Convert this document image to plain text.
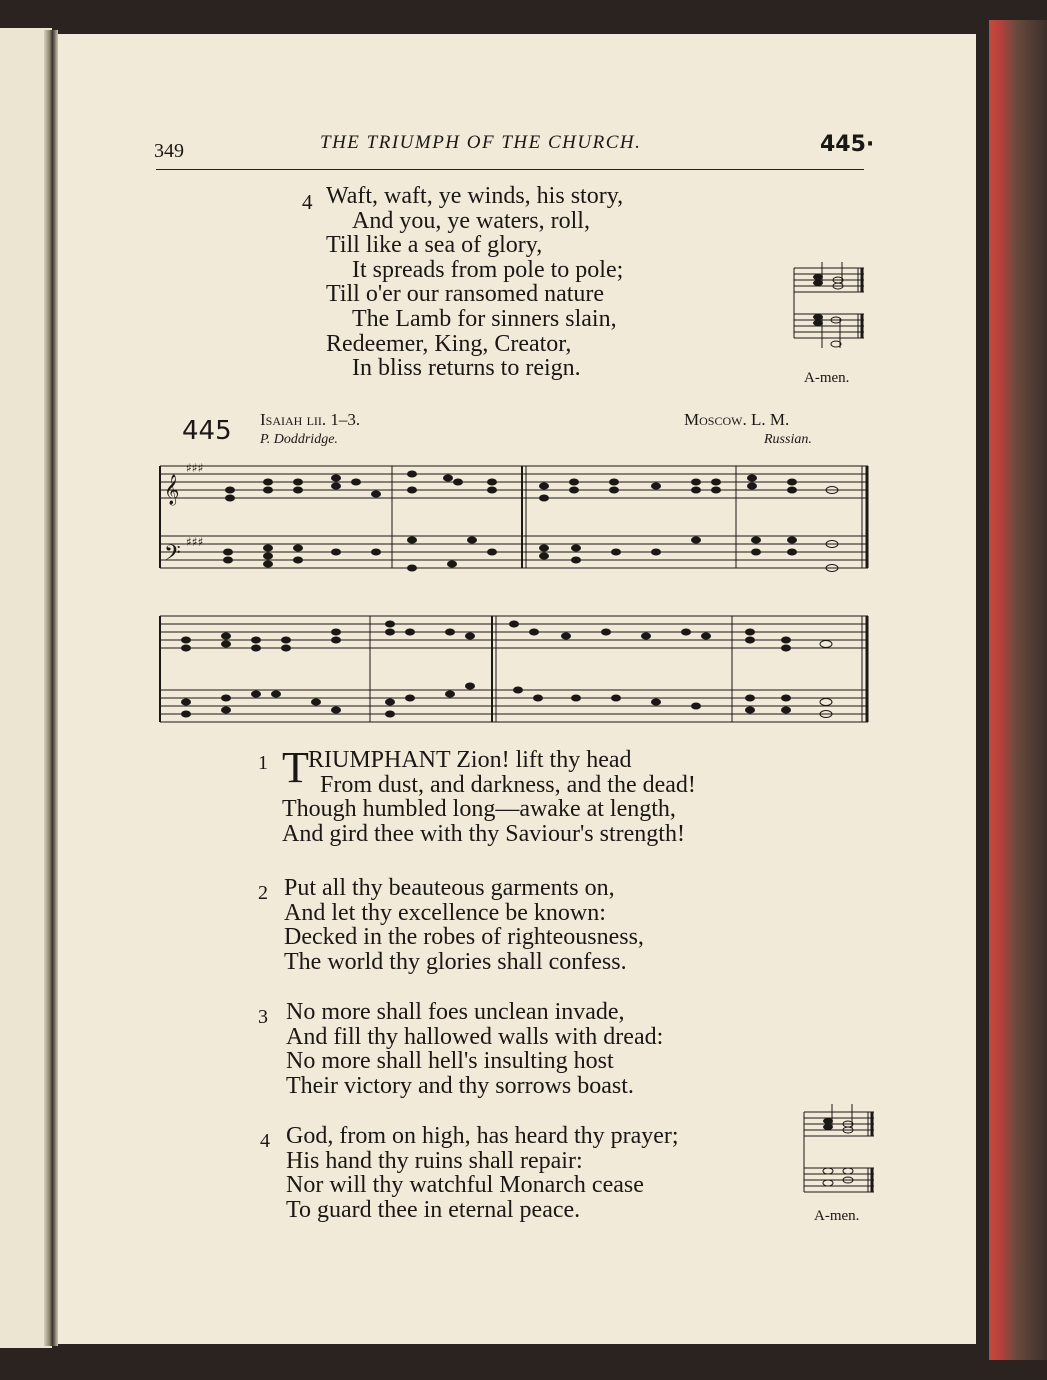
349	THE TRIUMPH OF THE CHURCH.	445·
4 Waft, waft, ye winds, his story,
And you, ye waters, roll,
Till like a sea of glory,
It spreads from pole to pole;
Till o'er our ransomed nature
The Lamb for sinners slain,
Redeemer, King, Creator,
In bliss returns to reign.	A-men.
445 Isaiah lii. 1–3.
P. Doddridge.
Moscow. L. M.
Russian.
𝄞
𝄢
♯♯♯
♯♯♯
1 T RIUMPHANT Zion! lift thy head
From dust, and darkness, and the dead!
Though humbled long—awake at length,
And gird thee with thy Saviour's strength!
2 Put all thy beauteous garments on,
And let thy excellence be known:
Decked in the robes of righteousness,
The world thy glories shall confess.
3 No more shall foes unclean invade,
And fill thy hallowed walls with dread:
No more shall hell's insulting host
Their victory and thy sorrows boast.
4 God, from on high, has heard thy prayer;
His hand thy ruins shall repair:
Nor will thy watchful Monarch cease
To guard thee in eternal peace.	A-men.
